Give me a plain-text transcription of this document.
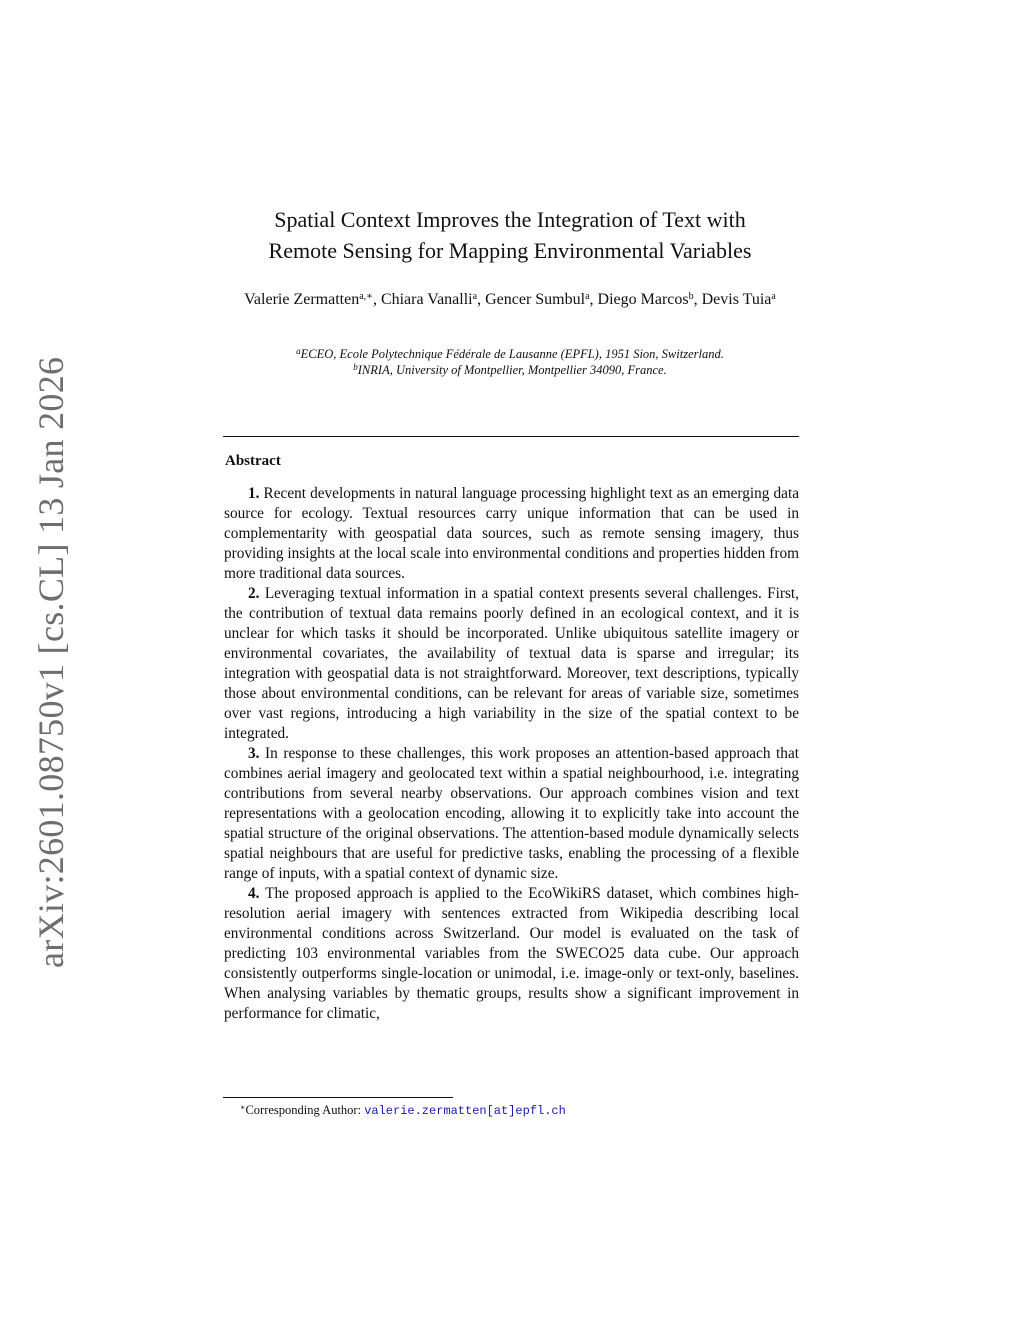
arXiv:2601.08750v1 [cs.CL] 13 Jan 2026
Spatial Context Improves the Integration of Text with
Remote Sensing for Mapping Environmental Variables
Valerie Zermatten$^{a,∗}$, Chiara Vanalli$^a$, Gencer Sumbul$^a$, Diego Marcos$^b$, Devis Tuia$^a$
$^a$ECEO, Ecole Polytechnique Fédérale de Lausanne (EPFL), 1951 Sion, Switzerland.
$^b$INRIA, University of Montpellier, Montpellier 34090, France.
Abstract

1. Recent developments in natural language processing highlight text as an emerging data source for ecology. Textual resources carry unique information that can be used in complementarity with geospatial data sources, such as remote sensing imagery, thus providing insights at the local scale into environmental conditions and properties hidden from more traditional data sources.

2. Leveraging textual information in a spatial context presents several challenges. First, the contribution of textual data remains poorly defined in an ecological context, and it is unclear for which tasks it should be incorporated. Unlike ubiquitous satellite imagery or environmental covariates, the availability of textual data is sparse and irregular; its integration with geospatial data is not straightforward. Moreover, text descriptions, typically those about environmental conditions, can be relevant for areas of variable size, sometimes over vast regions, introducing a high variability in the size of the spatial context to be integrated.

3. In response to these challenges, this work proposes an attention-based approach that combines aerial imagery and geolocated text within a spatial neighbourhood, i.e. integrating contributions from several nearby observations. Our approach combines vision and text representations with a geolocation encoding, allowing it to explicitly take into account the spatial structure of the original observations. The attention-based module dynamically selects spatial neighbours that are useful for predictive tasks, enabling the processing of a flexible range of inputs, with a spatial context of dynamic size.

4. The proposed approach is applied to the EcoWikiRS dataset, which combines high-resolution aerial imagery with sentences extracted from Wikipedia describing local environmental conditions across Switzerland. Our model is evaluated on the task of predicting 103 environmental variables from the SWECO25 data cube. Our approach consistently outperforms single-location or unimodal, i.e. image-only or text-only, baselines. When analysing variables by thematic groups, results show a significant improvement in performance for climatic,

∗Corresponding Author: valerie.zermatten[at]epfl.ch
